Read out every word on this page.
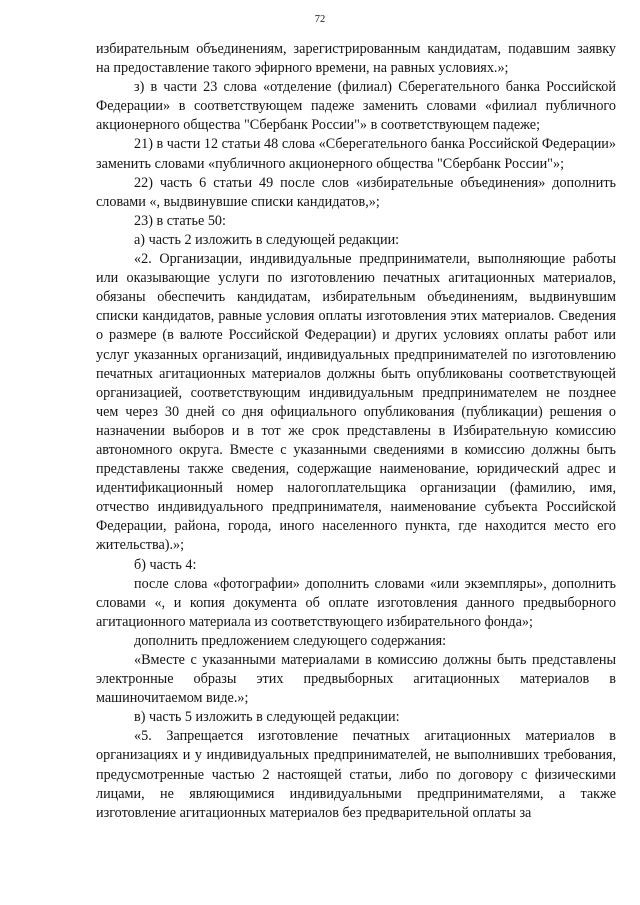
72

избирательным объединениям, зарегистрированным кандидатам, подавшим заявку на предоставление такого эфирного времени, на равных условиях.»;

з) в части 23 слова «отделение (филиал) Сберегательного банка Российской Федерации» в соответствующем падеже заменить словами «филиал публичного акционерного общества "Сбербанк России"» в соответствующем падеже;

21) в части 12 статьи 48 слова «Сберегательного банка Российской Федерации» заменить словами «публичного акционерного общества "Сбербанк России"»;

22) часть 6 статьи 49 после слов «избирательные объединения» дополнить словами «, выдвинувшие списки кандидатов,»;

23) в статье 50:

а) часть 2 изложить в следующей редакции:

«2. Организации, индивидуальные предприниматели, выполняющие работы или оказывающие услуги по изготовлению печатных агитационных материалов, обязаны обеспечить кандидатам, избирательным объединениям, выдвинувшим списки кандидатов, равные условия оплаты изготовления этих материалов. Сведения о размере (в валюте Российской Федерации) и других условиях оплаты работ или услуг указанных организаций, индивидуальных предпринимателей по изготовлению печатных агитационных материалов должны быть опубликованы соответствующей организацией, соответствующим индивидуальным предпринимателем не позднее чем через 30 дней со дня официального опубликования (публикации) решения о назначении выборов и в тот же срок представлены в Избирательную комиссию автономного округа. Вместе с указанными сведениями в комиссию должны быть представлены также сведения, содержащие наименование, юридический адрес и идентификационный номер налогоплательщика организации (фамилию, имя, отчество индивидуального предпринимателя, наименование субъекта Российской Федерации, района, города, иного населенного пункта, где находится место его жительства).»;

б) часть 4:

после слова «фотографии» дополнить словами «или экземпляры», дополнить словами «, и копия документа об оплате изготовления данного предвыборного агитационного материала из соответствующего избирательного фонда»;

дополнить предложением следующего содержания:

«Вместе с указанными материалами в комиссию должны быть представлены электронные образы этих предвыборных агитационных материалов в машиночитаемом виде.»;

в) часть 5 изложить в следующей редакции:

«5. Запрещается изготовление печатных агитационных материалов в организациях и у индивидуальных предпринимателей, не выполнивших требования, предусмотренные частью 2 настоящей статьи, либо по договору с физическими лицами, не являющимися индивидуальными предпринимателями, а также изготовление агитационных материалов без предварительной оплаты за
